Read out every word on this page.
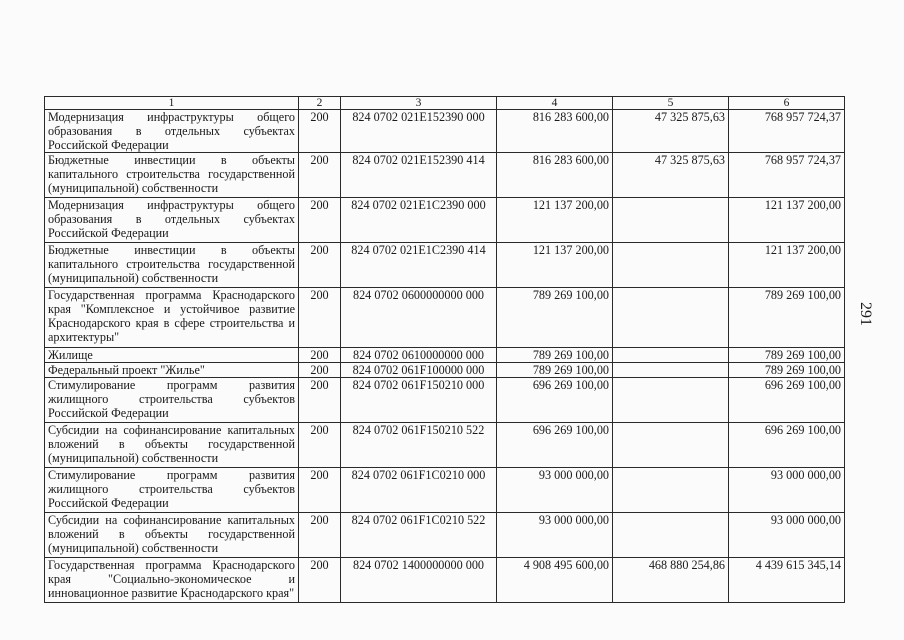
1	2	3	4	5	6
Модернизация инфраструктуры общего образования в отдельных субъектах Российской Федерации	200	824 0702 021E152390 000	816 283 600,00	47 325 875,63	768 957 724,37
Бюджетные инвестиции в объекты капитального строительства государственной (муниципальной) собственности	200	824 0702 021E152390 414	816 283 600,00	47 325 875,63	768 957 724,37
Модернизация инфраструктуры общего образования в отдельных субъектах Российской Федерации	200	824 0702 021E1C2390 000	121 137 200,00		121 137 200,00
Бюджетные инвестиции в объекты капитального строительства государственной (муниципальной) собственности	200	824 0702 021E1C2390 414	121 137 200,00		121 137 200,00
Государственная программа Краснодарского края "Комплексное и устойчивое развитие Краснодарского края в сфере строительства и архитектуры"	200	824 0702 0600000000 000	789 269 100,00		789 269 100,00
Жилище	200	824 0702 0610000000 000	789 269 100,00		789 269 100,00
Федеральный проект "Жилье"	200	824 0702 061F100000 000	789 269 100,00		789 269 100,00
Стимулирование программ развития жилищного строительства субъектов Российской Федерации	200	824 0702 061F150210 000	696 269 100,00		696 269 100,00
Субсидии на софинансирование капитальных вложений в объекты государственной (муниципальной) собственности	200	824 0702 061F150210 522	696 269 100,00		696 269 100,00
Стимулирование программ развития жилищного строительства субъектов Российской Федерации	200	824 0702 061F1C0210 000	93 000 000,00		93 000 000,00
Субсидии на софинансирование капитальных вложений в объекты государственной (муниципальной) собственности	200	824 0702 061F1C0210 522	93 000 000,00		93 000 000,00
Государственная программа Краснодарского края "Социально-экономическое и инновационное развитие Краснодарского края"	200	824 0702 1400000000 000	4 908 495 600,00	468 880 254,86	4 439 615 345,14
291
